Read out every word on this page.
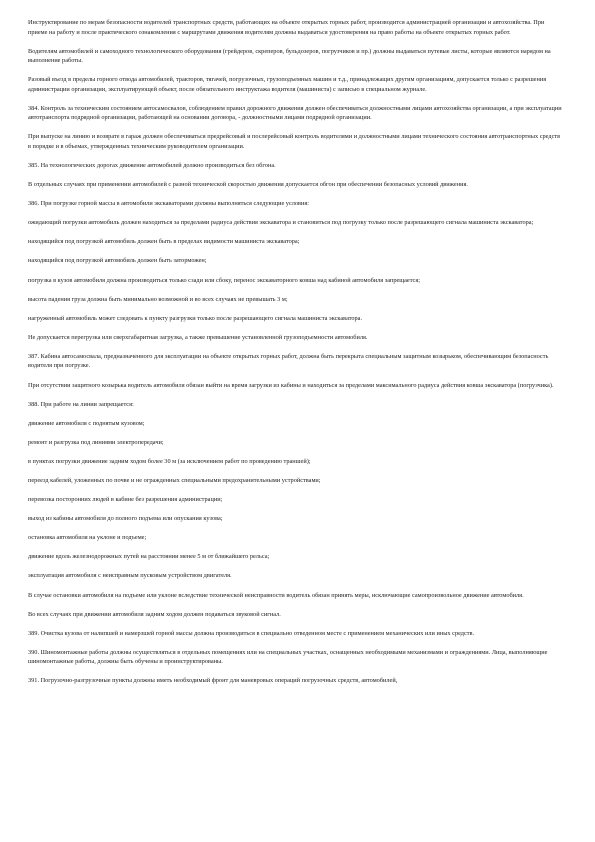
Инструктирование по мерам безопасности водителей транспортных средств, работающих на объекте открытых горных работ, производится администрацией организации и автохозяйства. При приеме на работу и после практического ознакомления с маршрутами движения водителям должны выдаваться удостоверения на право работы на объекте открытых горных работ.

Водителям автомобилей и самоходного технологического оборудования (грейдеров, скреперов, бульдозеров, погрузчиков и пр.) должны выдаваться путевые листы, которые являются нарядом на выполнение работы.

Разовый въезд в пределы горного отвода автомобилей, тракторов, тягачей, погрузочных, грузоподъемных машин и т.д., принадлежащих другим организациям, допускается только с разрешения администрации организации, эксплуатирующей объект, после обязательного инструктажа водителя (машиниста) с записью в специальном журнале.

384. Контроль за техническим состоянием автосамосвалов, соблюдением правил дорожного движения должен обеспечиваться должностными лицами автохозяйства организации, а при эксплуатации автотранспорта подрядной организации, работающей на основании договора, - должностными лицами подрядной организации.

При выпуске на линию и возврате в гараж должен обеспечиваться предрейсовый и послерейсовый контроль водителями и должностными лицами технического состояния автотранспортных средств в порядке и в объемах, утвержденных техническим руководителем организации.

385. На технологических дорогах движение автомобилей должно производиться без обгона.

В отдельных случаях при применении автомобилей с разной технической скоростью движения допускается обгон при обеспечении безопасных условий движения.

386. При погрузке горной массы в автомобили экскаваторами должны выполняться следующие условия:

ожидающий погрузки автомобиль должен находиться за пределами радиуса действия экскаватора и становиться под погрузку только после разрешающего сигнала машиниста экскаватора;

находящийся под погрузкой автомобиль должен быть в пределах видимости машиниста экскаватора;

находящийся под погрузкой автомобиль должен быть заторможен;

погрузка в кузов автомобиля должна производиться только сзади или сбоку, перенос экскаваторного ковша над кабиной автомобиля запрещается;

высота падения груза должна быть минимально возможной и во всех случаях не превышать 3 м;

нагруженный автомобиль может следовать к пункту разгрузки только после разрешающего сигнала машиниста экскаватора.

Не допускается перегрузка или сверхгабаритная загрузка, а также превышение установленной грузоподъемности автомобиля.

387. Кабина автосамосвала, предназначенного для эксплуатации на объекте открытых горных работ, должна быть перекрыта специальным защитным козырьком, обеспечивающим безопасность водителя при погрузке.

При отсутствии защитного козырька водитель автомобиля обязан выйти на время загрузки из кабины и находиться за пределами максимального радиуса действия ковша экскаватора (погрузчика).

388. При работе на линии запрещается:

движение автомобиля с поднятым кузовом;

ремонт и разгрузка под линиями электропередачи;

в пунктах погрузки движение задним ходом более 30 м (за исключением работ по проведению траншей);

переезд кабелей, уложенных по почве и не огражденных специальными предохранительными устройствами;

перевозка посторонних людей в кабине без разрешения администрации;

выход из кабины автомобиля до полного подъема или опускания кузова;

остановка автомобиля на уклоне и подъеме;

движение вдоль железнодорожных путей на расстоянии менее 5 м от ближайшего рельса;

эксплуатация автомобиля с неисправным пусковым устройством двигателя.

В случае остановки автомобиля на подъеме или уклоне вследствие технической неисправности водитель обязан принять меры, исключающие самопроизвольное движение автомобиля.

Во всех случаях при движении автомобиля задним ходом должен подаваться звуковой сигнал.

389. Очистка кузова от налипшей и намерзшей горной массы должна производиться в специально отведенном месте с применением механических или иных средств.

390. Шиномонтажные работы должны осуществляться в отдельных помещениях или на специальных участках, оснащенных необходимыми механизмами и ограждениями. Лица, выполняющие шиномонтажные работы, должны быть обучены и проинструктированы.

391. Погрузочно-разгрузочные пункты должны иметь необходимый фронт для маневровых операций погрузочных средств, автомобилей,
